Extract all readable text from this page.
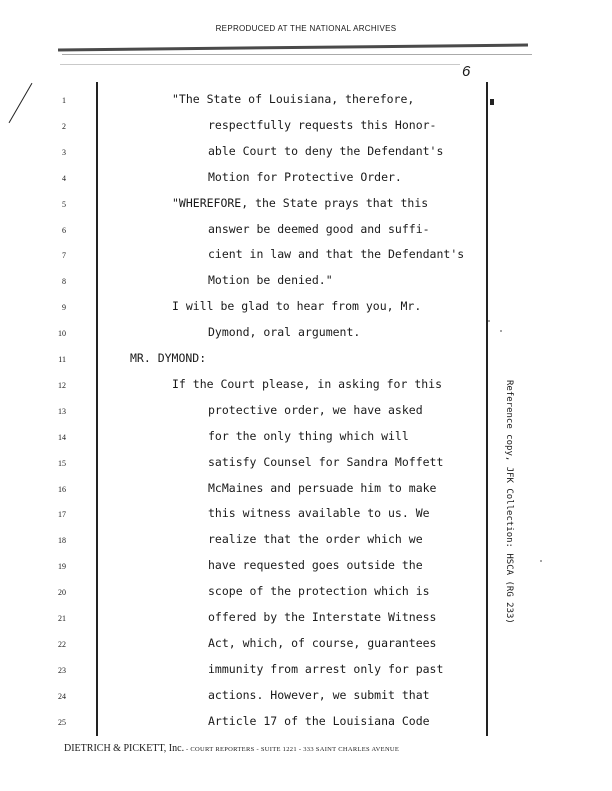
REPRODUCED AT THE NATIONAL ARCHIVES
6
1	"The State of Louisiana, therefore,
2	respectfully requests this Honor-
3	able Court to deny the Defendant's
4	Motion for Protective Order.
5	"WHEREFORE, the State prays that this
6	answer be deemed good and suffi-
7	cient in law and that the Defendant's
8	Motion be denied."
9	I will be glad to hear from you, Mr.
10	Dymond, oral argument.
11	MR. DYMOND:
12	If the Court please, in asking for this
13	protective order, we have asked
14	for the only thing which will
15	satisfy Counsel for Sandra Moffett
16	McMaines and persuade him to make
17	this witness available to us. We
18	realize that the order which we
19	have requested goes outside the
20	scope of the protection which is
21	offered by the Interstate Witness
22	Act, which, of course, guarantees
23	immunity from arrest only for past
24	actions. However, we submit that
25	Article 17 of the Louisiana Code
Reference copy, JFK Collection: HSCA (RG 233)
DIETRICH & PICKETT, Inc. - COURT REPORTERS - SUITE 1221 - 333 SAINT CHARLES AVENUE
